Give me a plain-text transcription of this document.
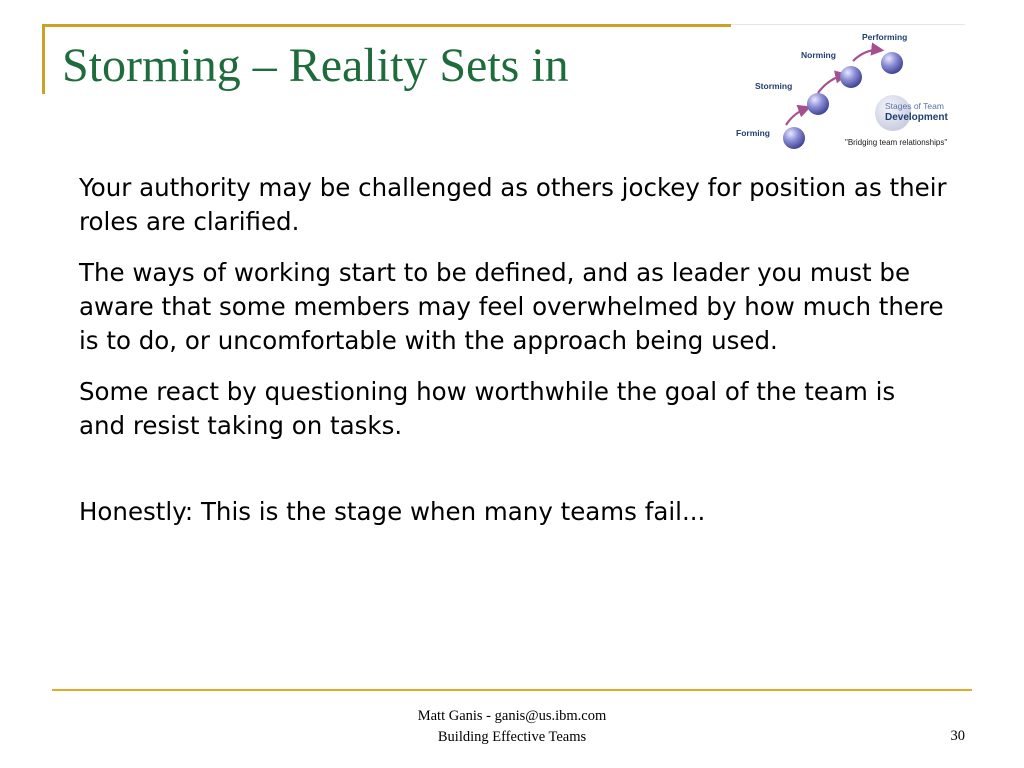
Storming – Reality Sets in
Forming
Storming
Norming
Performing
Stages of Team
Development
"Bridging team relationships"

Your authority may be challenged as others jockey for position as their roles are clarified.

The ways of working start to be defined, and as leader you must be aware that some members may feel overwhelmed by how much there is to do, or uncomfortable with the approach being used.

Some react by questioning how worthwhile the goal of the team is and resist taking on tasks.

Honestly: This is the stage when many teams fail...

Matt Ganis - ganis@us.ibm.com
Building Effective Teams	30
